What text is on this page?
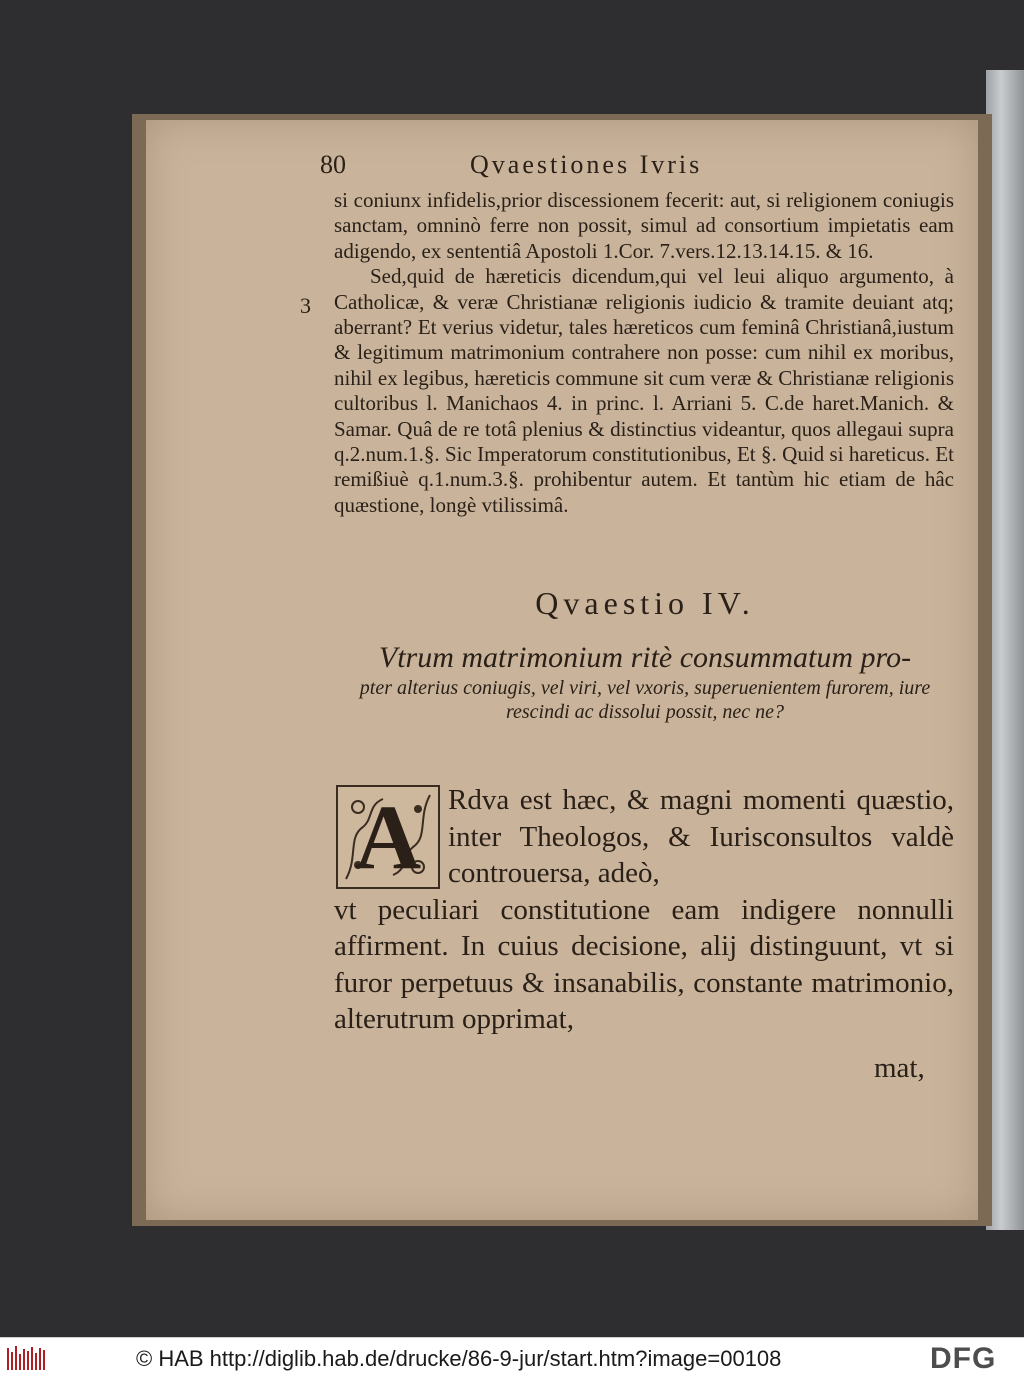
80	Qvaestiones Ivris
3

si coniunx infidelis,prior discessionem fecerit: aut, si religionem coniugis sanctam, omninò ferre non possit, simul ad consortium impietatis eam adigendo, ex sententiâ Apostoli 1.Cor. 7.vers.12.13.14.15. & 16.

Sed,quid de hæreticis dicendum,qui vel leui aliquo argumento, à Catholicæ, & veræ Christianæ religionis iudicio & tramite deuiant atq; aberrant? Et verius videtur, tales hæreticos cum feminâ Christianâ,iustum & legitimum matrimonium contrahere non posse: cum nihil ex moribus, nihil ex legibus, hæreticis commune sit cum veræ & Christianæ religionis cultoribus l. Manichaos 4. in princ. l. Arriani 5. C.de haret.Manich. & Samar. Quâ de re totâ plenius & distinctius videantur, quos allegaui supra q.2.num.1.§. Sic Imperatorum constitutionibus, Et §. Quid si hareticus. Et remißiuè q.1.num.3.§. prohibentur autem. Et tantùm hic etiam de hâc quæstione, longè vtilissimâ.

Qvaestio IV.
Vtrum matrimonium ritè consummatum pro-
pter alterius coniugis, vel viri, vel vxoris, superuenientem furorem, iure rescindi ac dissolui possit, nec ne?
Rdva est hæc, & magni momenti quæstio, inter Theologos, & Iurisconsultos valdè controuersa, adeò,
vt peculiari constitutione eam indigere nonnulli affirment. In cuius decisione, alij distinguunt, vt si furor perpetuus & insanabilis, constante matrimonio, alterutrum opprimat,
A
mat,
© HAB http://diglib.hab.de/drucke/86-9-jur/start.htm?image=00108	DFG
